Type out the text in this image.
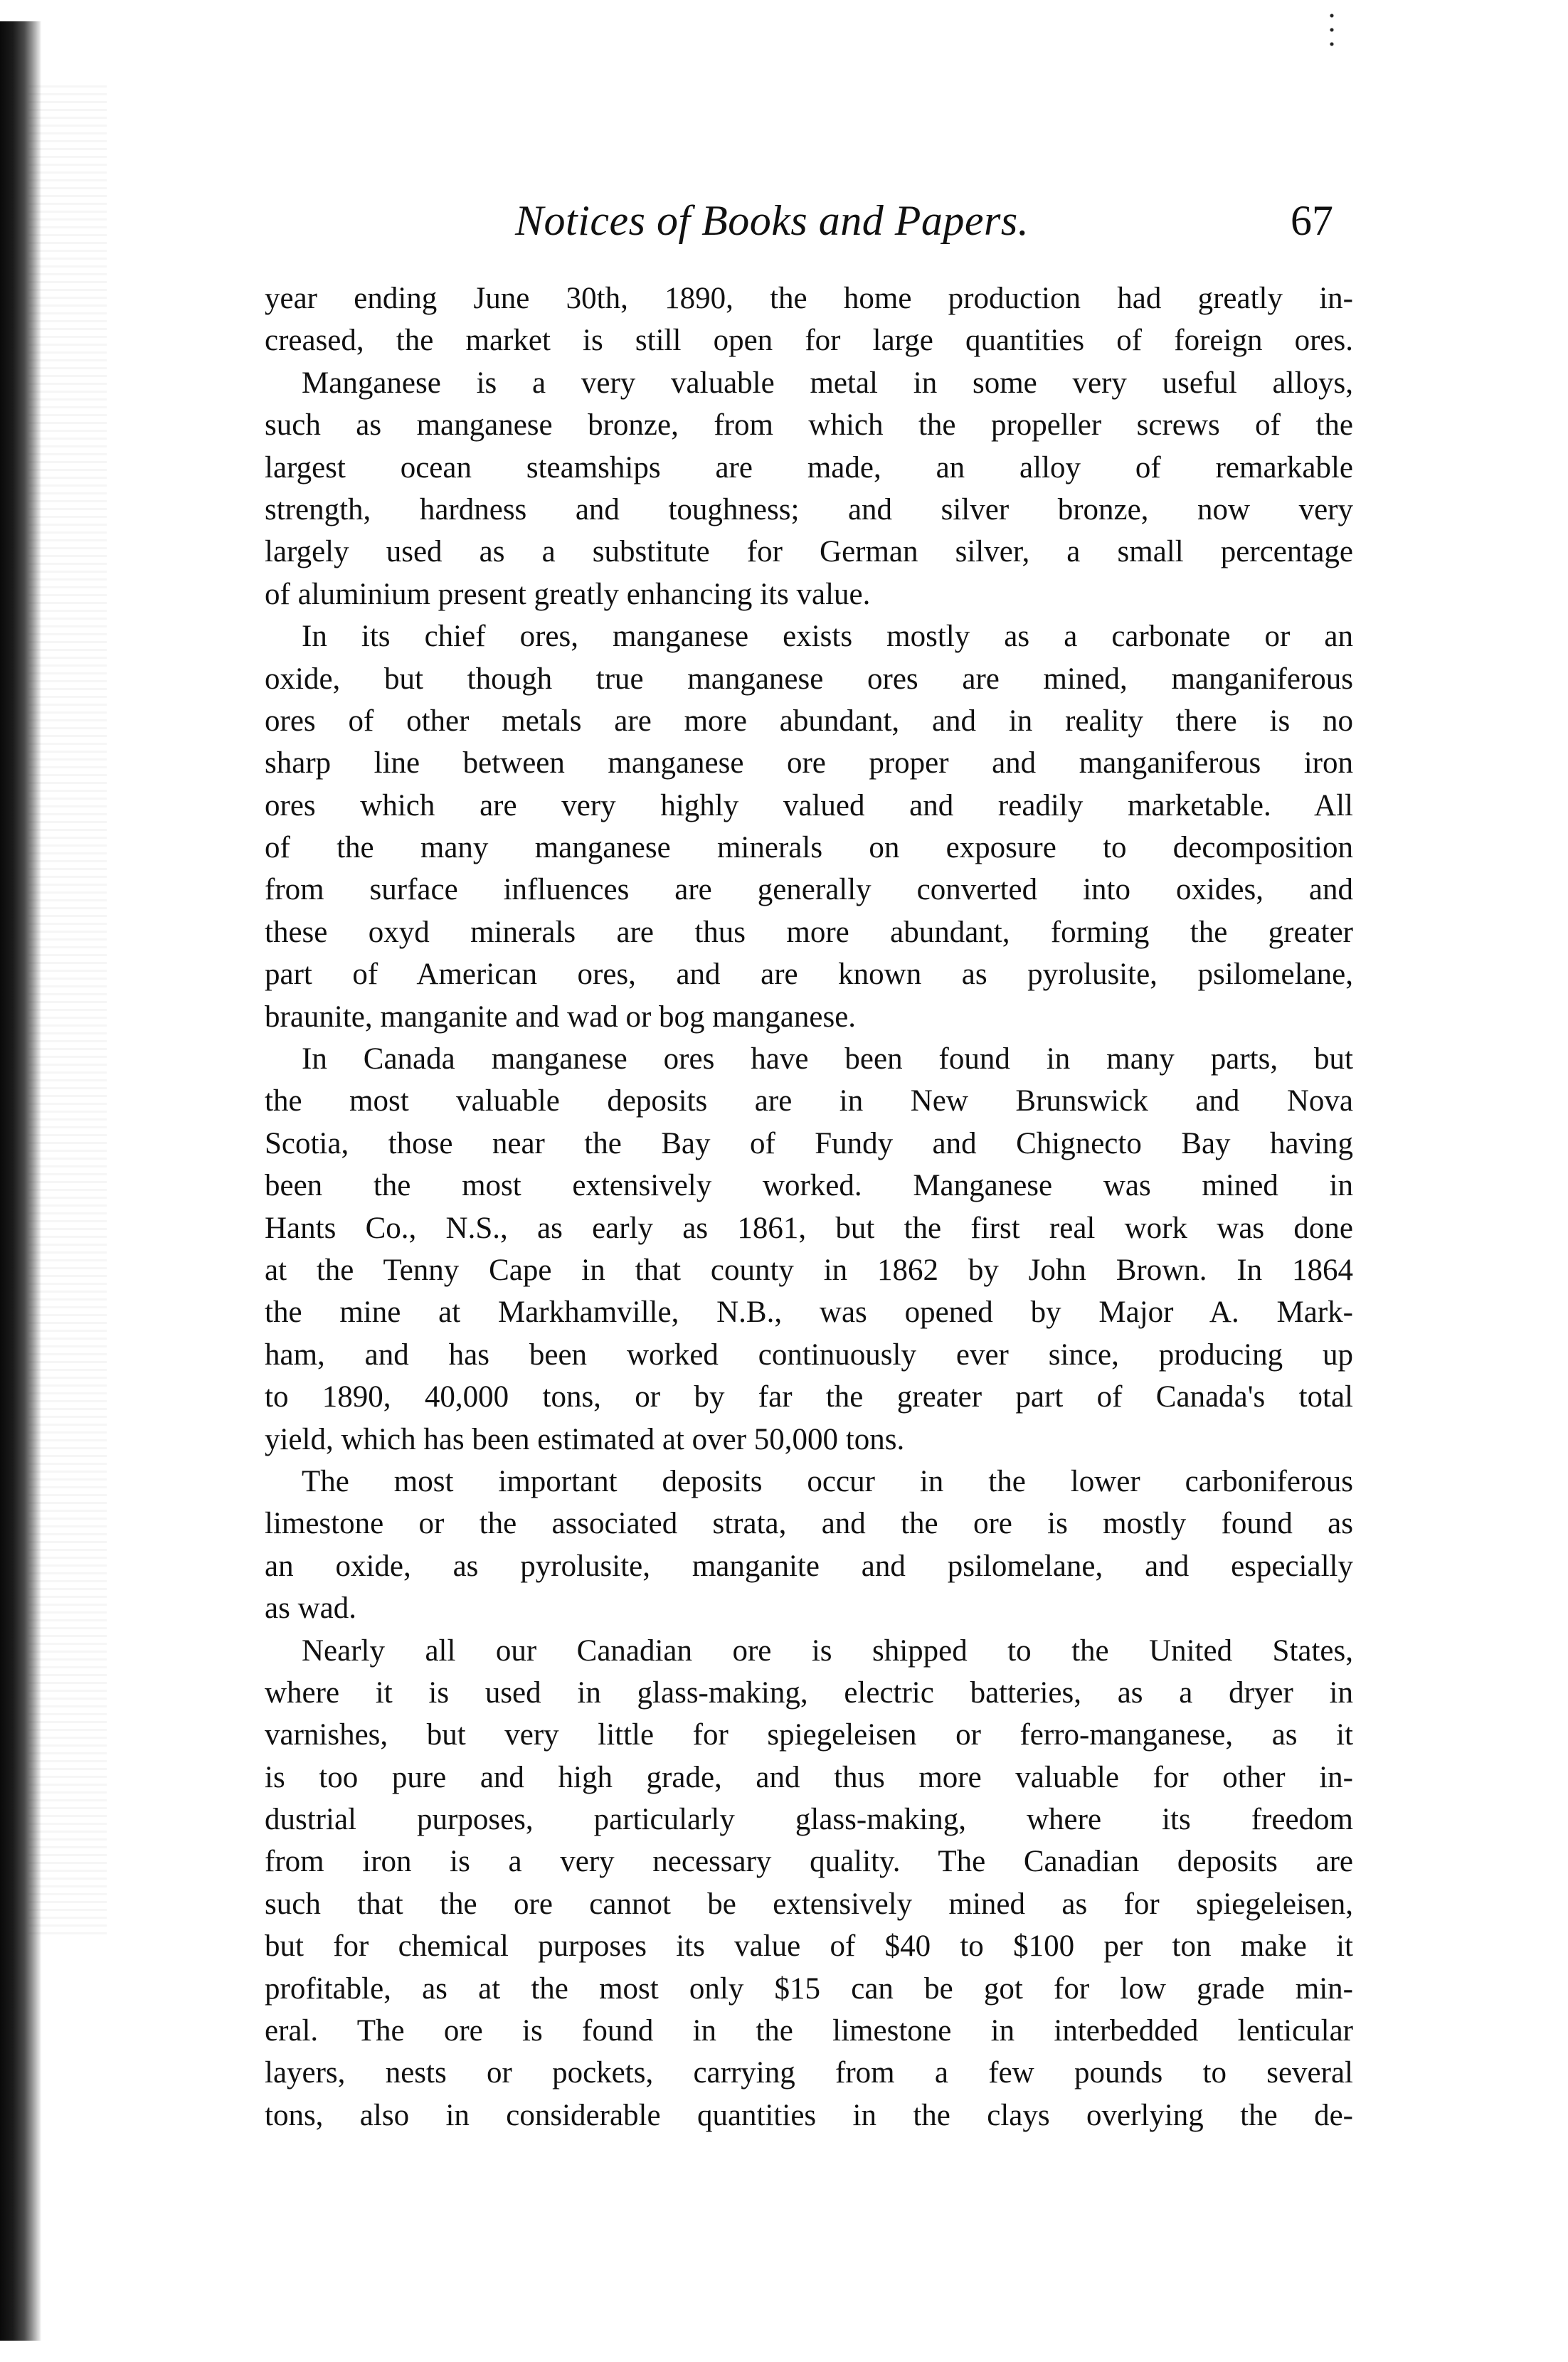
Notices of Books and Papers.	67
year ending June 30th, 1890, the home production had greatly in-
creased, the market is still open for large quantities of foreign ores.
Manganese is a very valuable metal in some very useful alloys,
such as manganese bronze, from which the propeller screws of the
largest ocean steamships are made, an alloy of remarkable
strength, hardness and toughness; and silver bronze, now very
largely used as a substitute for German silver, a small percentage
of aluminium present greatly enhancing its value.
In its chief ores, manganese exists mostly as a carbonate or an
oxide, but though true manganese ores are mined, manganiferous
ores of other metals are more abundant, and in reality there is no
sharp line between manganese ore proper and manganiferous iron
ores which are very highly valued and readily marketable. All
of the many manganese minerals on exposure to decomposition
from surface influences are generally converted into oxides, and
these oxyd minerals are thus more abundant, forming the greater
part of American ores, and are known as pyrolusite, psilomelane,
braunite, manganite and wad or bog manganese.
In Canada manganese ores have been found in many parts, but
the most valuable deposits are in New Brunswick and Nova
Scotia, those near the Bay of Fundy and Chignecto Bay having
been the most extensively worked. Manganese was mined in
Hants Co., N.S., as early as 1861, but the first real work was done
at the Tenny Cape in that county in 1862 by John Brown. In 1864
the mine at Markhamville, N.B., was opened by Major A. Mark-
ham, and has been worked continuously ever since, producing up
to 1890, 40,000 tons, or by far the greater part of Canada's total
yield, which has been estimated at over 50,000 tons.
The most important deposits occur in the lower carboniferous
limestone or the associated strata, and the ore is mostly found as
an oxide, as pyrolusite, manganite and psilomelane, and especially
as wad.
Nearly all our Canadian ore is shipped to the United States,
where it is used in glass-making, electric batteries, as a dryer in
varnishes, but very little for spiegeleisen or ferro-manganese, as it
is too pure and high grade, and thus more valuable for other in-
dustrial purposes, particularly glass-making, where its freedom
from iron is a very necessary quality. The Canadian deposits are
such that the ore cannot be extensively mined as for spiegeleisen,
but for chemical purposes its value of $40 to $100 per ton make it
profitable, as at the most only $15 can be got for low grade min-
eral. The ore is found in the limestone in interbedded lenticular
layers, nests or pockets, carrying from a few pounds to several
tons, also in considerable quantities in the clays overlying the de-
